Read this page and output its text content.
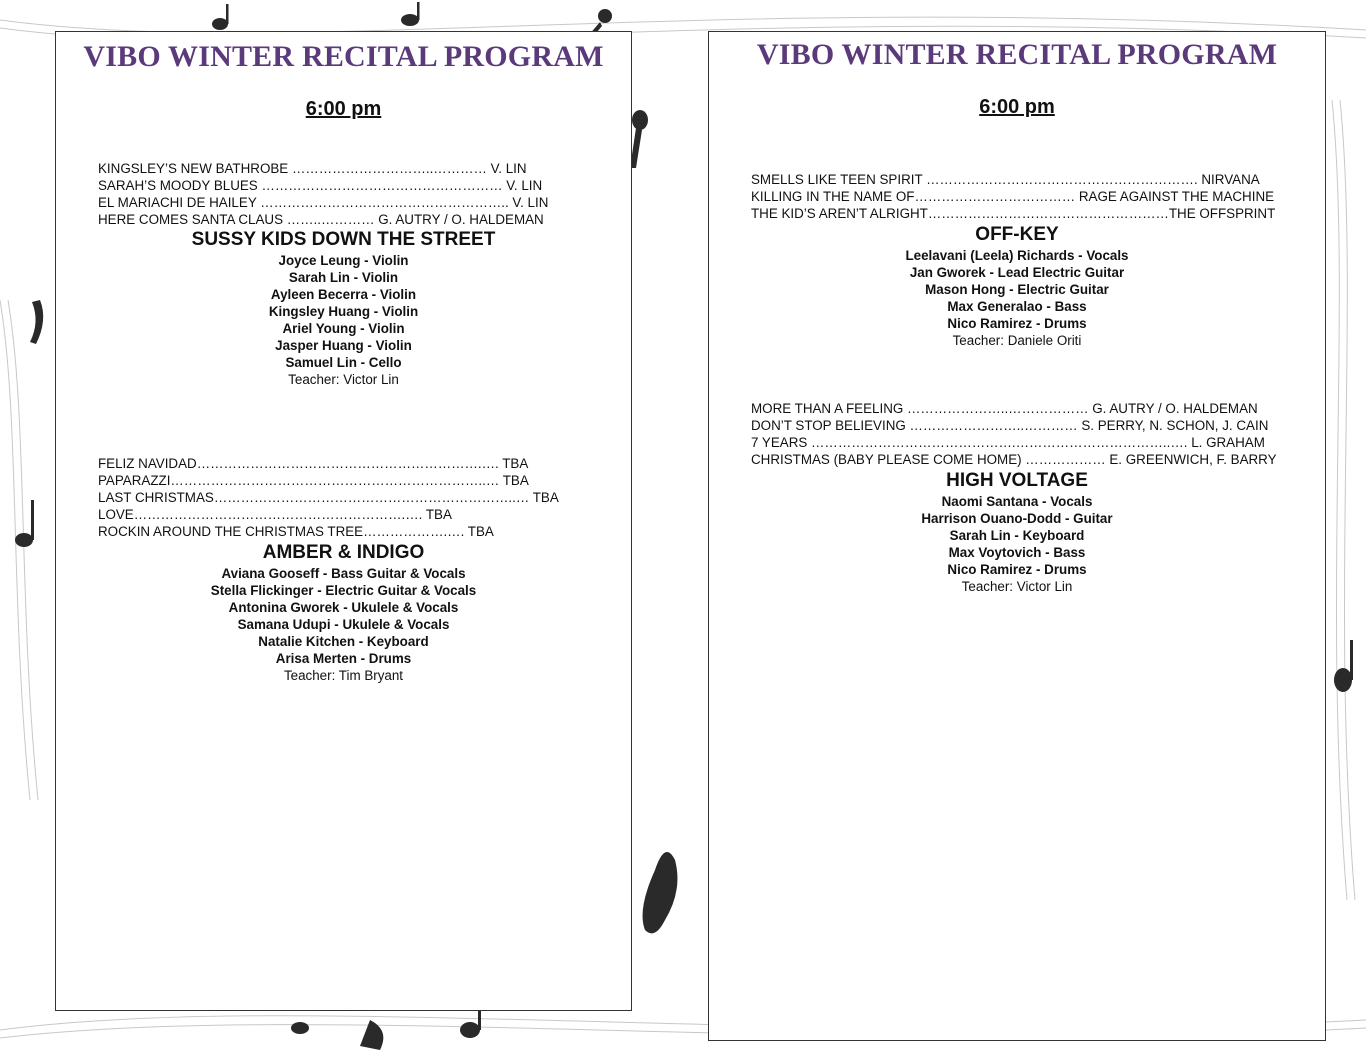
VIBO WINTER RECITAL PROGRAM
6:00 pm
KINGSLEY’S NEW BATHROBE …………………………..………… V. LIN
SARAH’S MOODY BLUES ……………………………………………… V. LIN
EL MARIACHI DE HAILEY ……………………………………………….. V. LIN
HERE COMES SANTA CLAUS ……..………… G. AUTRY / O. HALDEMAN
SUSSY KIDS DOWN THE STREET
Joyce Leung - Violin
Sarah Lin - Violin
Ayleen Becerra - Violin
Kingsley Huang - Violin
Ariel Young - Violin
Jasper Huang - Violin
Samuel Lin - Cello
Teacher: Victor Lin
FELIZ NAVIDAD……………………………………………………….…. TBA
PAPARAZZI……………………………………………………………..… TBA
LAST CHRISTMAS…………………………………………………………..… TBA
LOVE…………………………………………………….…. TBA
ROCKIN AROUND THE CHRISTMAS TREE……………….…. TBA
AMBER & INDIGO
Aviana Gooseff - Bass Guitar & Vocals
Stella Flickinger - Electric Guitar & Vocals
Antonina Gworek - Ukulele & Vocals
Samana Udupi - Ukulele & Vocals
Natalie Kitchen - Keyboard
Arisa Merten - Drums
Teacher: Tim Bryant
VIBO WINTER RECITAL PROGRAM
6:00 pm
SMELLS LIKE TEEN SPIRIT ……………………………………………………. NIRVANA
KILLING IN THE NAME OF……………………………… RAGE AGAINST THE MACHINE
THE KID’S AREN’T ALRIGHT………………………………………………THE OFFSPRINT
OFF-KEY
Leelavani (Leela) Richards - Vocals
Jan Gworek - Lead Electric Guitar
Mason Hong - Electric Guitar
Max Generalao - Bass
Nico Ramirez - Drums
Teacher: Daniele Oriti
MORE THAN A FEELING …………………..……………… G. AUTRY / O. HALDEMAN
DON’T STOP BELIEVING ……………………..………… S. PERRY, N. SCHON, J. CAIN
7 YEARS ……………………………………….……………………………..…. L. GRAHAM
CHRISTMAS (BABY PLEASE COME HOME) ……………… E. GREENWICH, F. BARRY
HIGH VOLTAGE
Naomi Santana - Vocals
Harrison Ouano-Dodd - Guitar
Sarah Lin - Keyboard
Max Voytovich - Bass
Nico Ramirez - Drums
Teacher: Victor Lin
